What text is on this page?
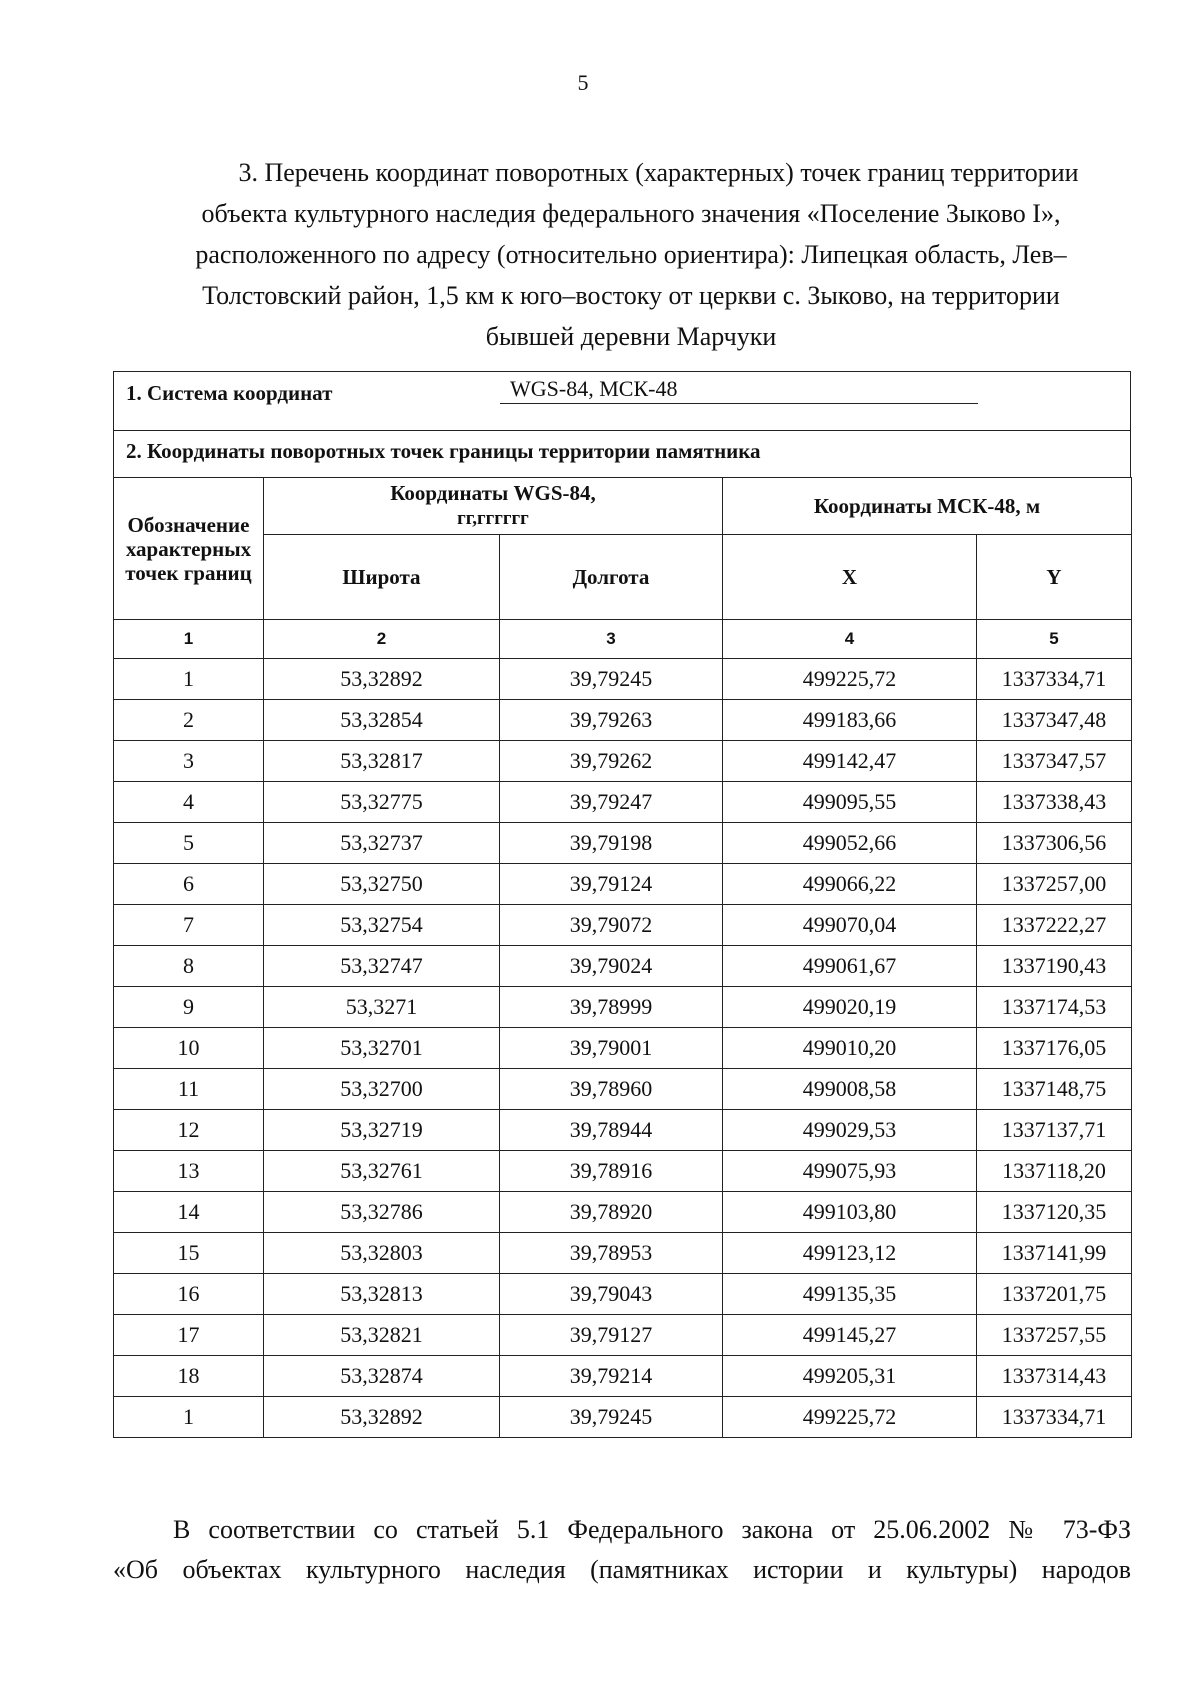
5
3. Перечень координат поворотных (характерных) точек границ территории
объекта культурного наследия федерального значения «Поселение Зыково I»,
расположенного по адресу (относительно ориентира): Липецкая область, Лев–
Толстовский район, 1,5 км к юго–востоку от церкви с. Зыково, на территории
бывшей деревни Марчуки
1. Система координат	WGS-84, МСК-48
2. Координаты поворотных точек границы территории памятника
Обозначение характерных точек границ	Координаты WGS-84,
гг,гггггг		Координаты МСК-48, м	
	Широта	Долгота	X	Y
1	2	3	4	5
1	53,32892	39,79245	499225,72	1337334,71
2	53,32854	39,79263	499183,66	1337347,48
3	53,32817	39,79262	499142,47	1337347,57
4	53,32775	39,79247	499095,55	1337338,43
5	53,32737	39,79198	499052,66	1337306,56
6	53,32750	39,79124	499066,22	1337257,00
7	53,32754	39,79072	499070,04	1337222,27
8	53,32747	39,79024	499061,67	1337190,43
9	53,3271	39,78999	499020,19	1337174,53
10	53,32701	39,79001	499010,20	1337176,05
11	53,32700	39,78960	499008,58	1337148,75
12	53,32719	39,78944	499029,53	1337137,71
13	53,32761	39,78916	499075,93	1337118,20
14	53,32786	39,78920	499103,80	1337120,35
15	53,32803	39,78953	499123,12	1337141,99
16	53,32813	39,79043	499135,35	1337201,75
17	53,32821	39,79127	499145,27	1337257,55
18	53,32874	39,79214	499205,31	1337314,43
1	53,32892	39,79245	499225,72	1337334,71
В соответствии со статьей 5.1 Федерального закона от 25.06.2002 № 73-ФЗ
«Об объектах культурного наследия (памятниках истории и культуры) народов
